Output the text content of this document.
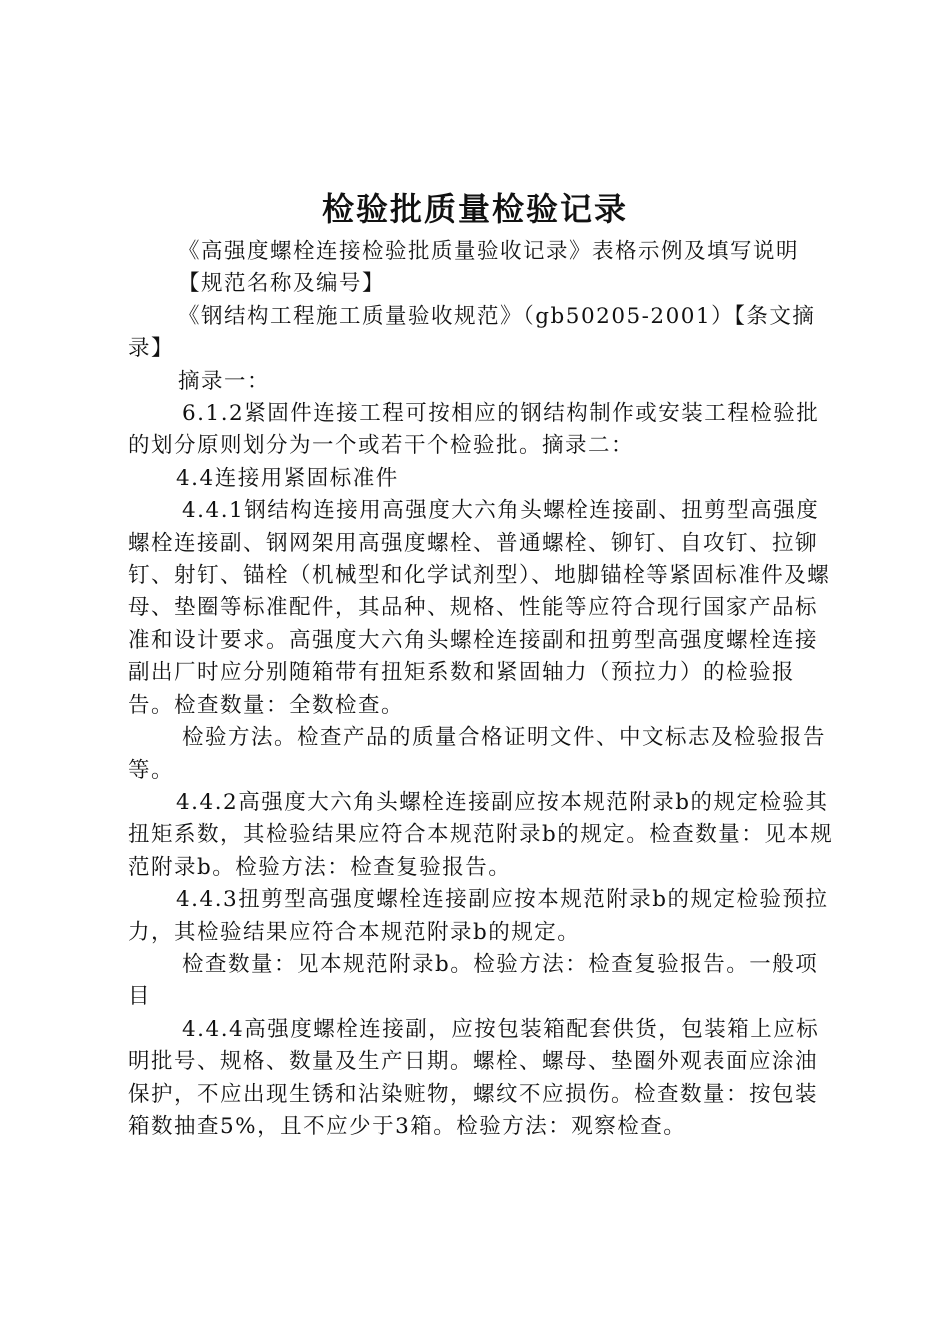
检验批质量检验记录

《高强度螺栓连接检验批质量验收记录》表格示例及填写说明

【规范名称及编号】

《钢结构工程施工质量验收规范》（gb50205-2001）【条文摘录】

摘录一：

6.1.2紧固件连接工程可按相应的钢结构制作或安装工程检验批的划分原则划分为一个或若干个检验批。摘录二：

4.4连接用紧固标准件

4.4.1钢结构连接用高强度大六角头螺栓连接副、扭剪型高强度螺栓连接副、钢网架用高强度螺栓、普通螺栓、铆钉、自攻钉、拉铆钉、射钉、锚栓（机械型和化学试剂型）、地脚锚栓等紧固标准件及螺母、垫圈等标准配件，其品种、规格、性能等应符合现行国家产品标准和设计要求。高强度大六角头螺栓连接副和扭剪型高强度螺栓连接副出厂时应分别随箱带有扭矩系数和紧固轴力（预拉力）的检验报告。检查数量：全数检查。

检验方法。检查产品的质量合格证明文件、中文标志及检验报告等。

4.4.2高强度大六角头螺栓连接副应按本规范附录b的规定检验其扭矩系数，其检验结果应符合本规范附录b的规定。检查数量：见本规范附录b。检验方法：检查复验报告。

4.4.3扭剪型高强度螺栓连接副应按本规范附录b的规定检验预拉力，其检验结果应符合本规范附录b的规定。

检查数量：见本规范附录b。检验方法：检查复验报告。一般项目

4.4.4高强度螺栓连接副，应按包装箱配套供货，包装箱上应标明批号、规格、数量及生产日期。螺栓、螺母、垫圈外观表面应涂油保护，不应出现生锈和沾染赃物，螺纹不应损伤。检查数量：按包装箱数抽查5%，且不应少于3箱。检验方法：观察检查。
